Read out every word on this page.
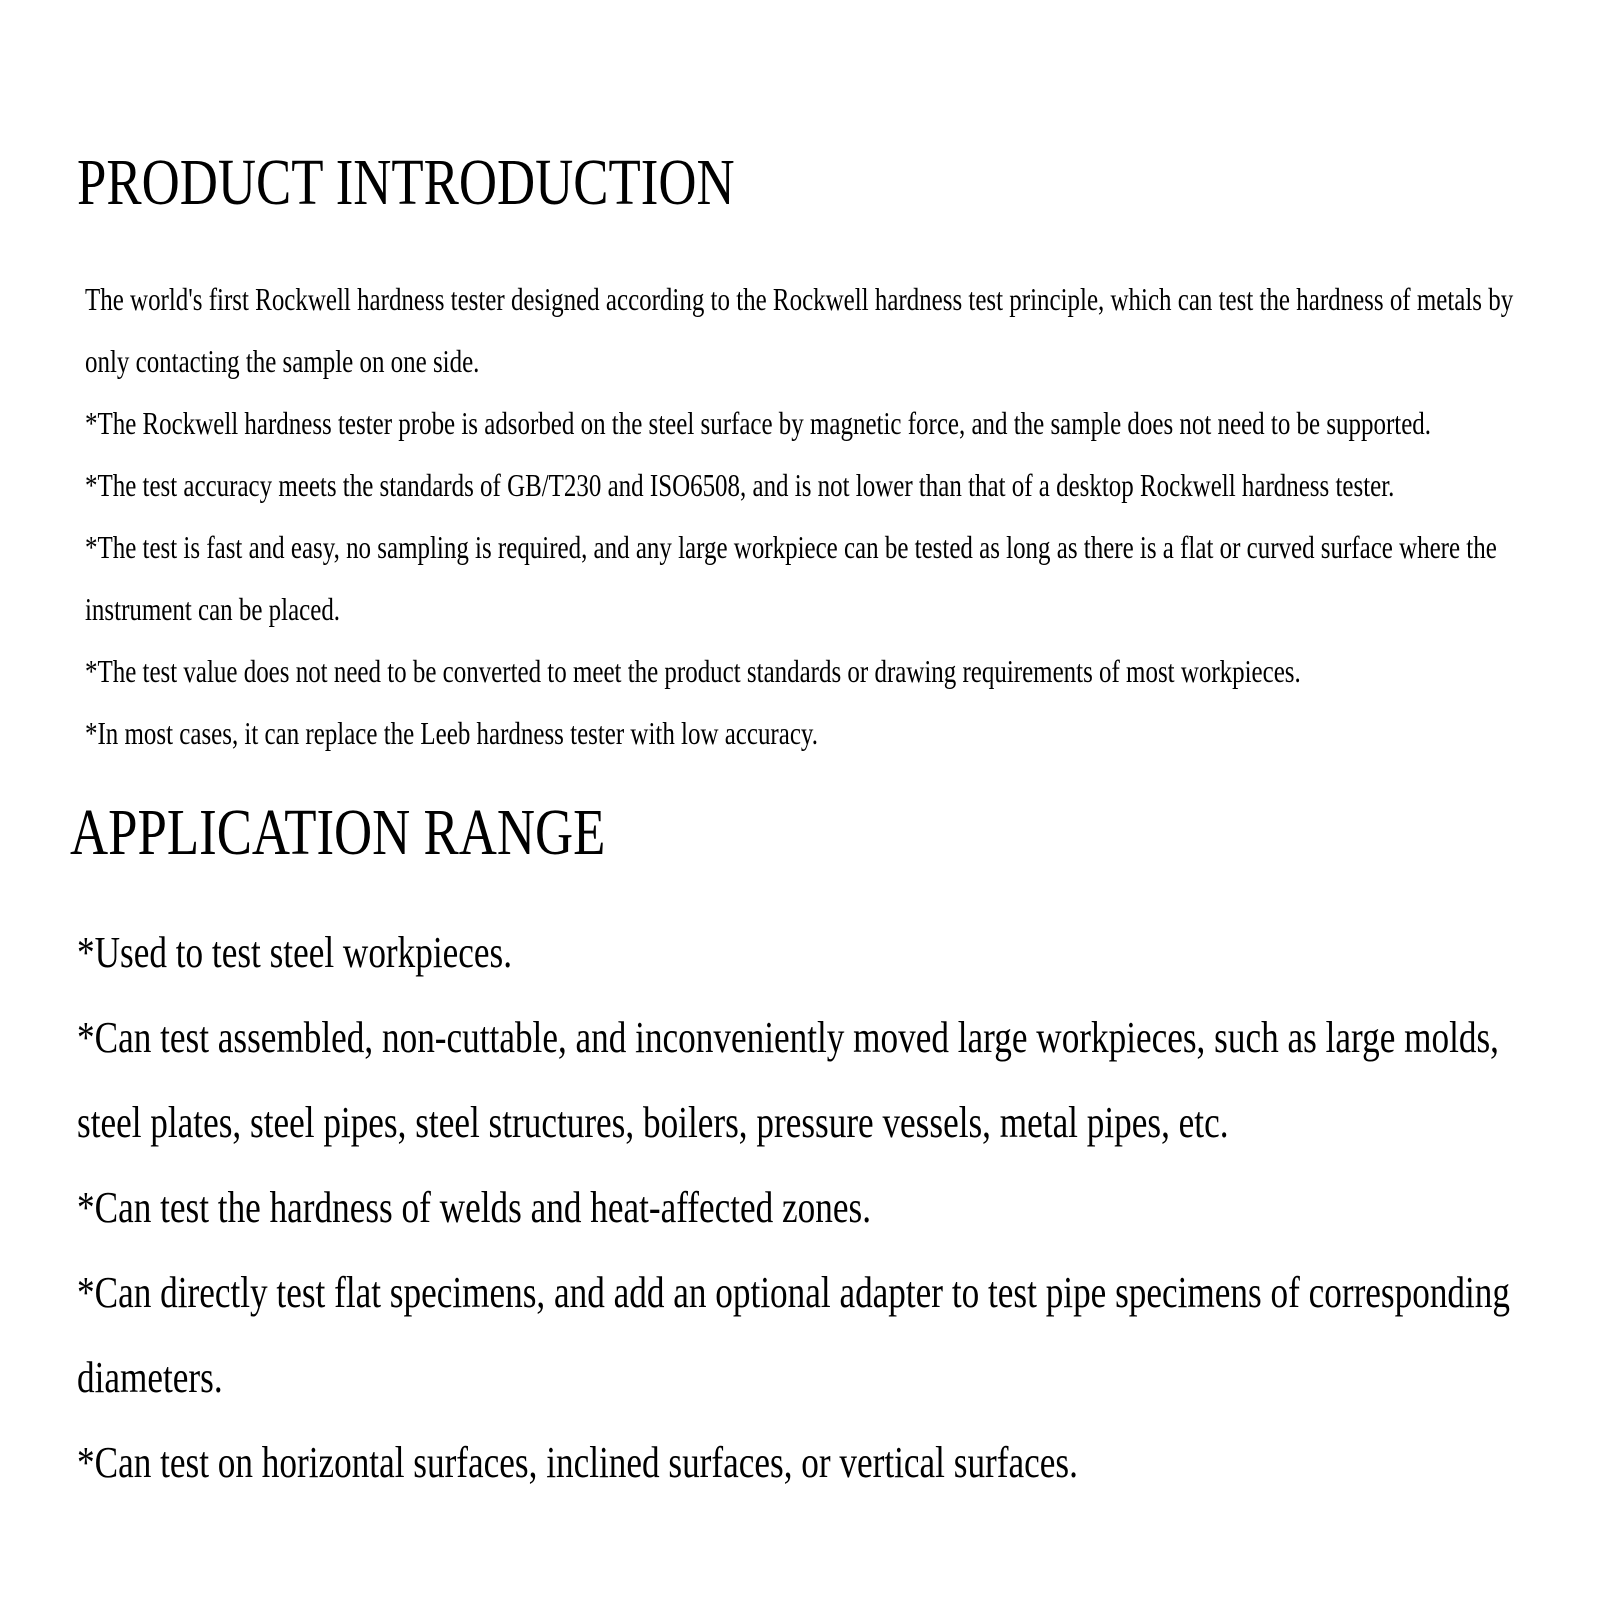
PRODUCT INTRODUCTION

The world's first Rockwell hardness tester designed according to the Rockwell hardness test principle, which can test the hardness of metals by only contacting the sample on one side.

*The Rockwell hardness tester probe is adsorbed on the steel surface by magnetic force, and the sample does not need to be supported.

*The test accuracy meets the standards of GB/T230 and ISO6508, and is not lower than that of a desktop Rockwell hardness tester.

*The test is fast and easy, no sampling is required, and any large workpiece can be tested as long as there is a flat or curved surface where the instrument can be placed.

*The test value does not need to be converted to meet the product standards or drawing requirements of most workpieces.

*In most cases, it can replace the Leeb hardness tester with low accuracy.

APPLICATION RANGE

*Used to test steel workpieces.

*Can test assembled, non-cuttable, and inconveniently moved large workpieces, such as large molds, steel plates, steel pipes, steel structures, boilers, pressure vessels, metal pipes, etc.

*Can test the hardness of welds and heat-affected zones.

*Can directly test flat specimens, and add an optional adapter to test pipe specimens of corresponding diameters.

*Can test on horizontal surfaces, inclined surfaces, or vertical surfaces.
